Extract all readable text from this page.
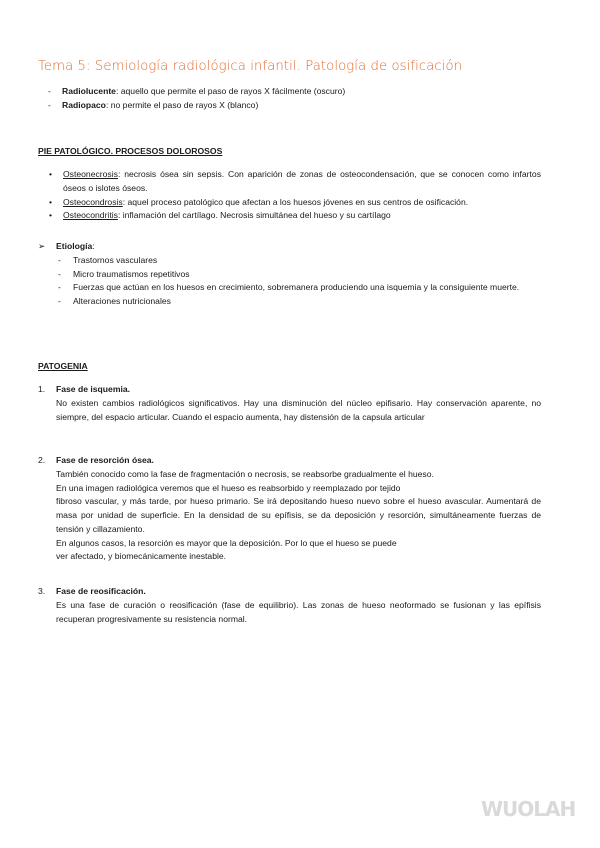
Tema 5: Semiología radiológica infantil. Patología de osificación
-	Radiolucente: aquello que permite el paso de rayos X fácilmente (oscuro)
-	Radiopaco: no permite el paso de rayos X (blanco)
PIE PATOLÓGICO. PROCESOS DOLOROSOS
•	Osteonecrosis: necrosis ósea sin sepsis. Con aparición de zonas de osteocondensación, que se conocen como infartos óseos o islotes óseos.
•	Osteocondrosis: aquel proceso patológico que afectan a los huesos jóvenes en sus centros de osificación.
•	Osteocondritis: inflamación del cartílago. Necrosis simultánea del hueso y su cartílago
➢	Etiología:
-	Trastornos vasculares
-	Micro traumatismos repetitivos
-	Fuerzas que actúan en los huesos en crecimiento, sobremanera produciendo una isquemia y la consiguiente muerte.
-	Alteraciones nutricionales
PATOGENIA
1.	Fase de isquemia.
No existen cambios radiológicos significativos. Hay una disminución del núcleo epifisario. Hay conservación aparente, no siempre, del espacio articular. Cuando el espacio aumenta, hay distensión de la capsula articular
2.	Fase de resorción ósea.
También conocido como la fase de fragmentación o necrosis, se reabsorbe gradualmente el hueso.
En una imagen radiológica veremos que el hueso es reabsorbido y reemplazado por tejido
fibroso vascular, y más tarde, por hueso primario. Se irá depositando hueso nuevo sobre el hueso avascular. Aumentará de masa por unidad de superficie. En la densidad de su epífisis, se da deposición y resorción, simultáneamente fuerzas de tensión y cillazamiento.
En algunos casos, la resorción es mayor que la deposición. Por lo que el hueso se puede
ver afectado, y biomecánicamente inestable.
3.	Fase de reosificación.
Es una fase de curación o reosificación (fase de equilibrio). Las zonas de hueso neoformado se fusionan y las epífisis recuperan progresivamente su resistencia normal.
WUOLAH
